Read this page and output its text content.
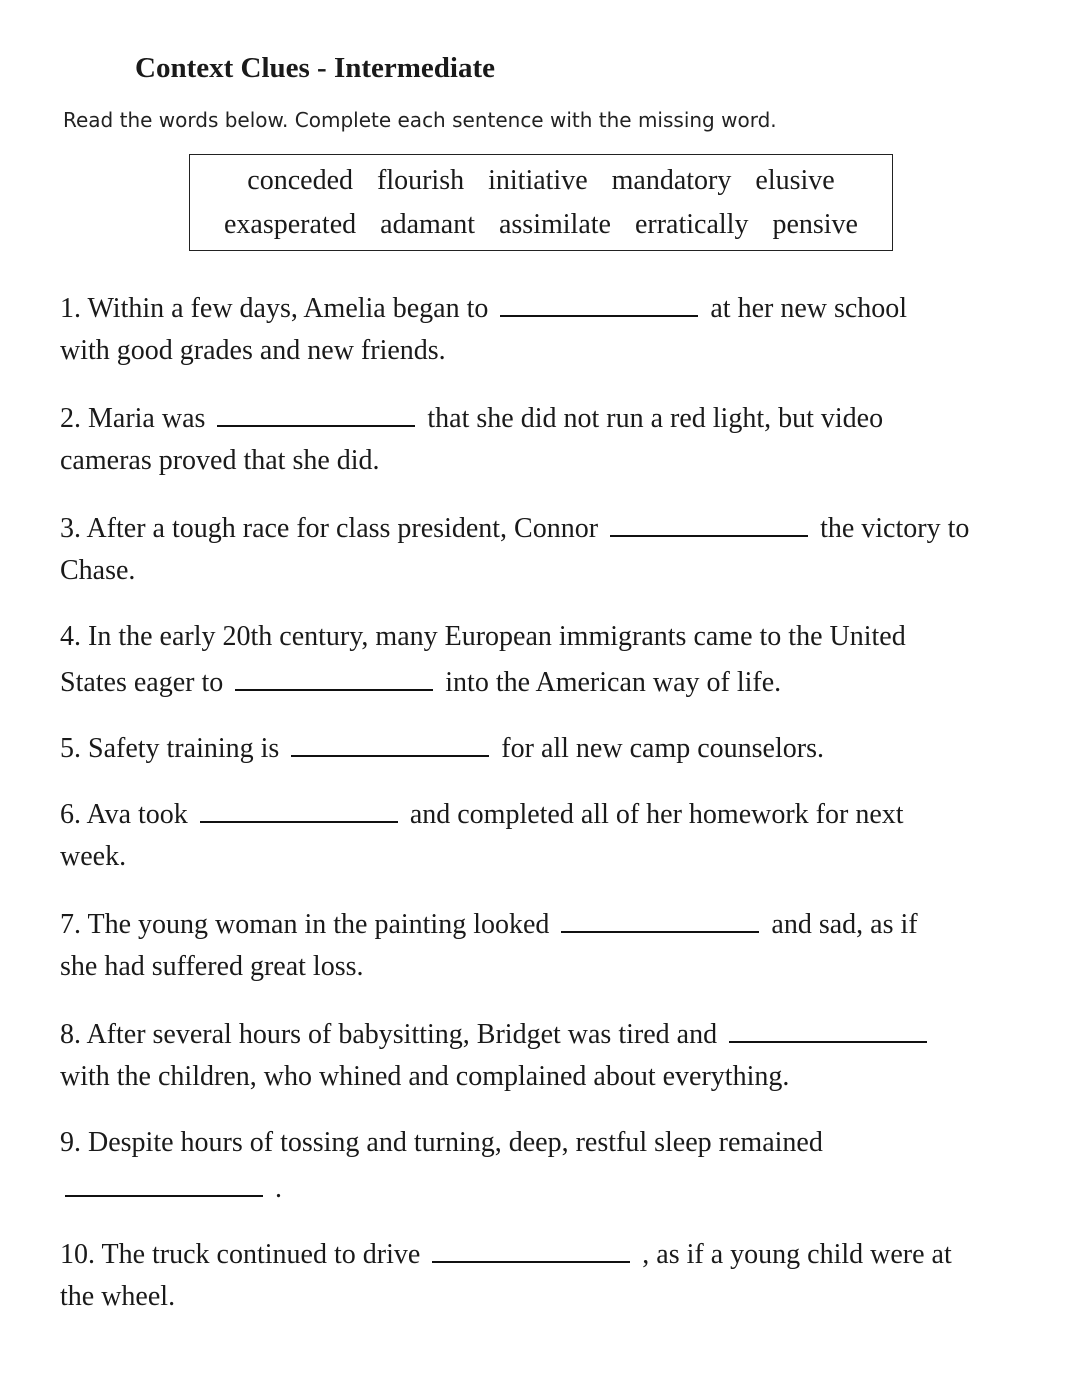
Context Clues - Intermediate
Read the words below. Complete each sentence with the missing word.
conceded flourish initiative mandatory elusive
exasperated adamant assimilate erratically pensive
1. Within a few days, Amelia began to	at her new school
with good grades and new friends.
2. Maria was	that she did not run a red light, but video
cameras proved that she did.
3. After a tough race for class president, Connor	the victory to
Chase.
4. In the early 20th century, many European immigrants came to the United
States eager to	into the American way of life.
5. Safety training is	for all new camp counselors.
6. Ava took	and completed all of her homework for next
week.
7. The young woman in the painting looked	and sad, as if
she had suffered great loss.
8. After several hours of babysitting, Bridget was tired and
with the children, who whined and complained about everything.
9. Despite hours of tossing and turning, deep, restful sleep remained
.
10. The truck continued to drive	, as if a young child were at
the wheel.
